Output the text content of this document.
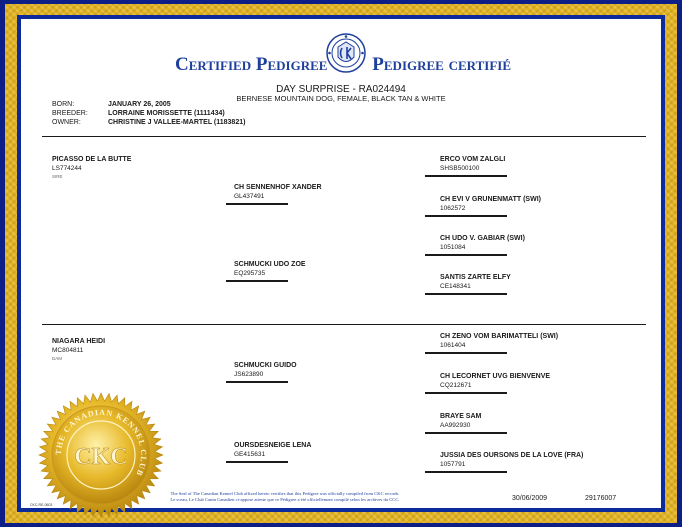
Certified Pedigree Pedigree certifié
DAY SURPRISE - RA024494
BERNESE MOUNTAIN DOG, FEMALE, BLACK TAN & WHITE
BORN:	JANUARY 26, 2005
BREEDER:	LORRAINE MORISSETTE (1111434)
OWNER:	CHRISTINE J VALLEE-MARTEL (1183821)
PICASSO DE LA BUTTE
LS774244
SIRE
NIAGARA HEIDI
MC804811
DAM
CH SENNENHOF XANDER
GL437491
SCHMUCKI UDO ZOE
EQ295735
SCHMUCKI GUIDO
JS623890
OURSDESNEIGE LENA
GE415631
ERCO VOM ZALGLI
SHSB500100
CH EVI V GRUNENMATT (SWI)
1062572
CH UDO V. GABIAR (SWI)
1051084
SANTIS ZARTE ELFY
CE148341
CH ZENO VOM BARIMATTELI (SWI)
1061404
CH LECORNET UVG BIENVENVE
CQ212671
BRAYE SAM
AA992930
JUSSIA DES OURSONS DE LA LOVE (FRA)
1057791
THE CANADIAN KENNEL CLUB
CKC
The Seal of The Canadian Kennel Club affixed hereto certifies that this Pedigree was officially compiled from CKC records.
Le sceau, Le Club Canin Canadien ci-appose atteste que ce Pédigree a été officiellement compilé selon les archives du CCC.	30/06/2009	29176007
CKC-RE-0603
